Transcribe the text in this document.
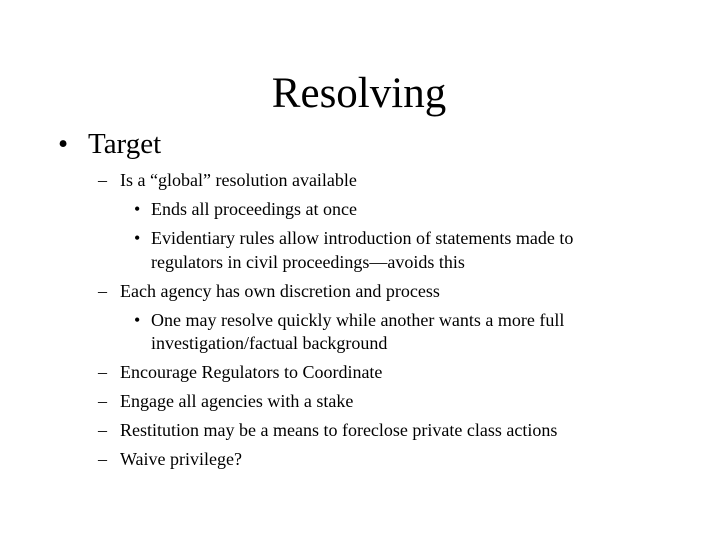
Resolving
• Target
– Is a “global” resolution available
• Ends all proceedings at once
• Evidentiary rules allow introduction of statements made to
regulators in civil proceedings—avoids this
– Each agency has own discretion and process
• One may resolve quickly while another wants a more full
investigation/factual background
– Encourage Regulators to Coordinate
– Engage all agencies with a stake
– Restitution may be a means to foreclose private class actions
– Waive privilege?
